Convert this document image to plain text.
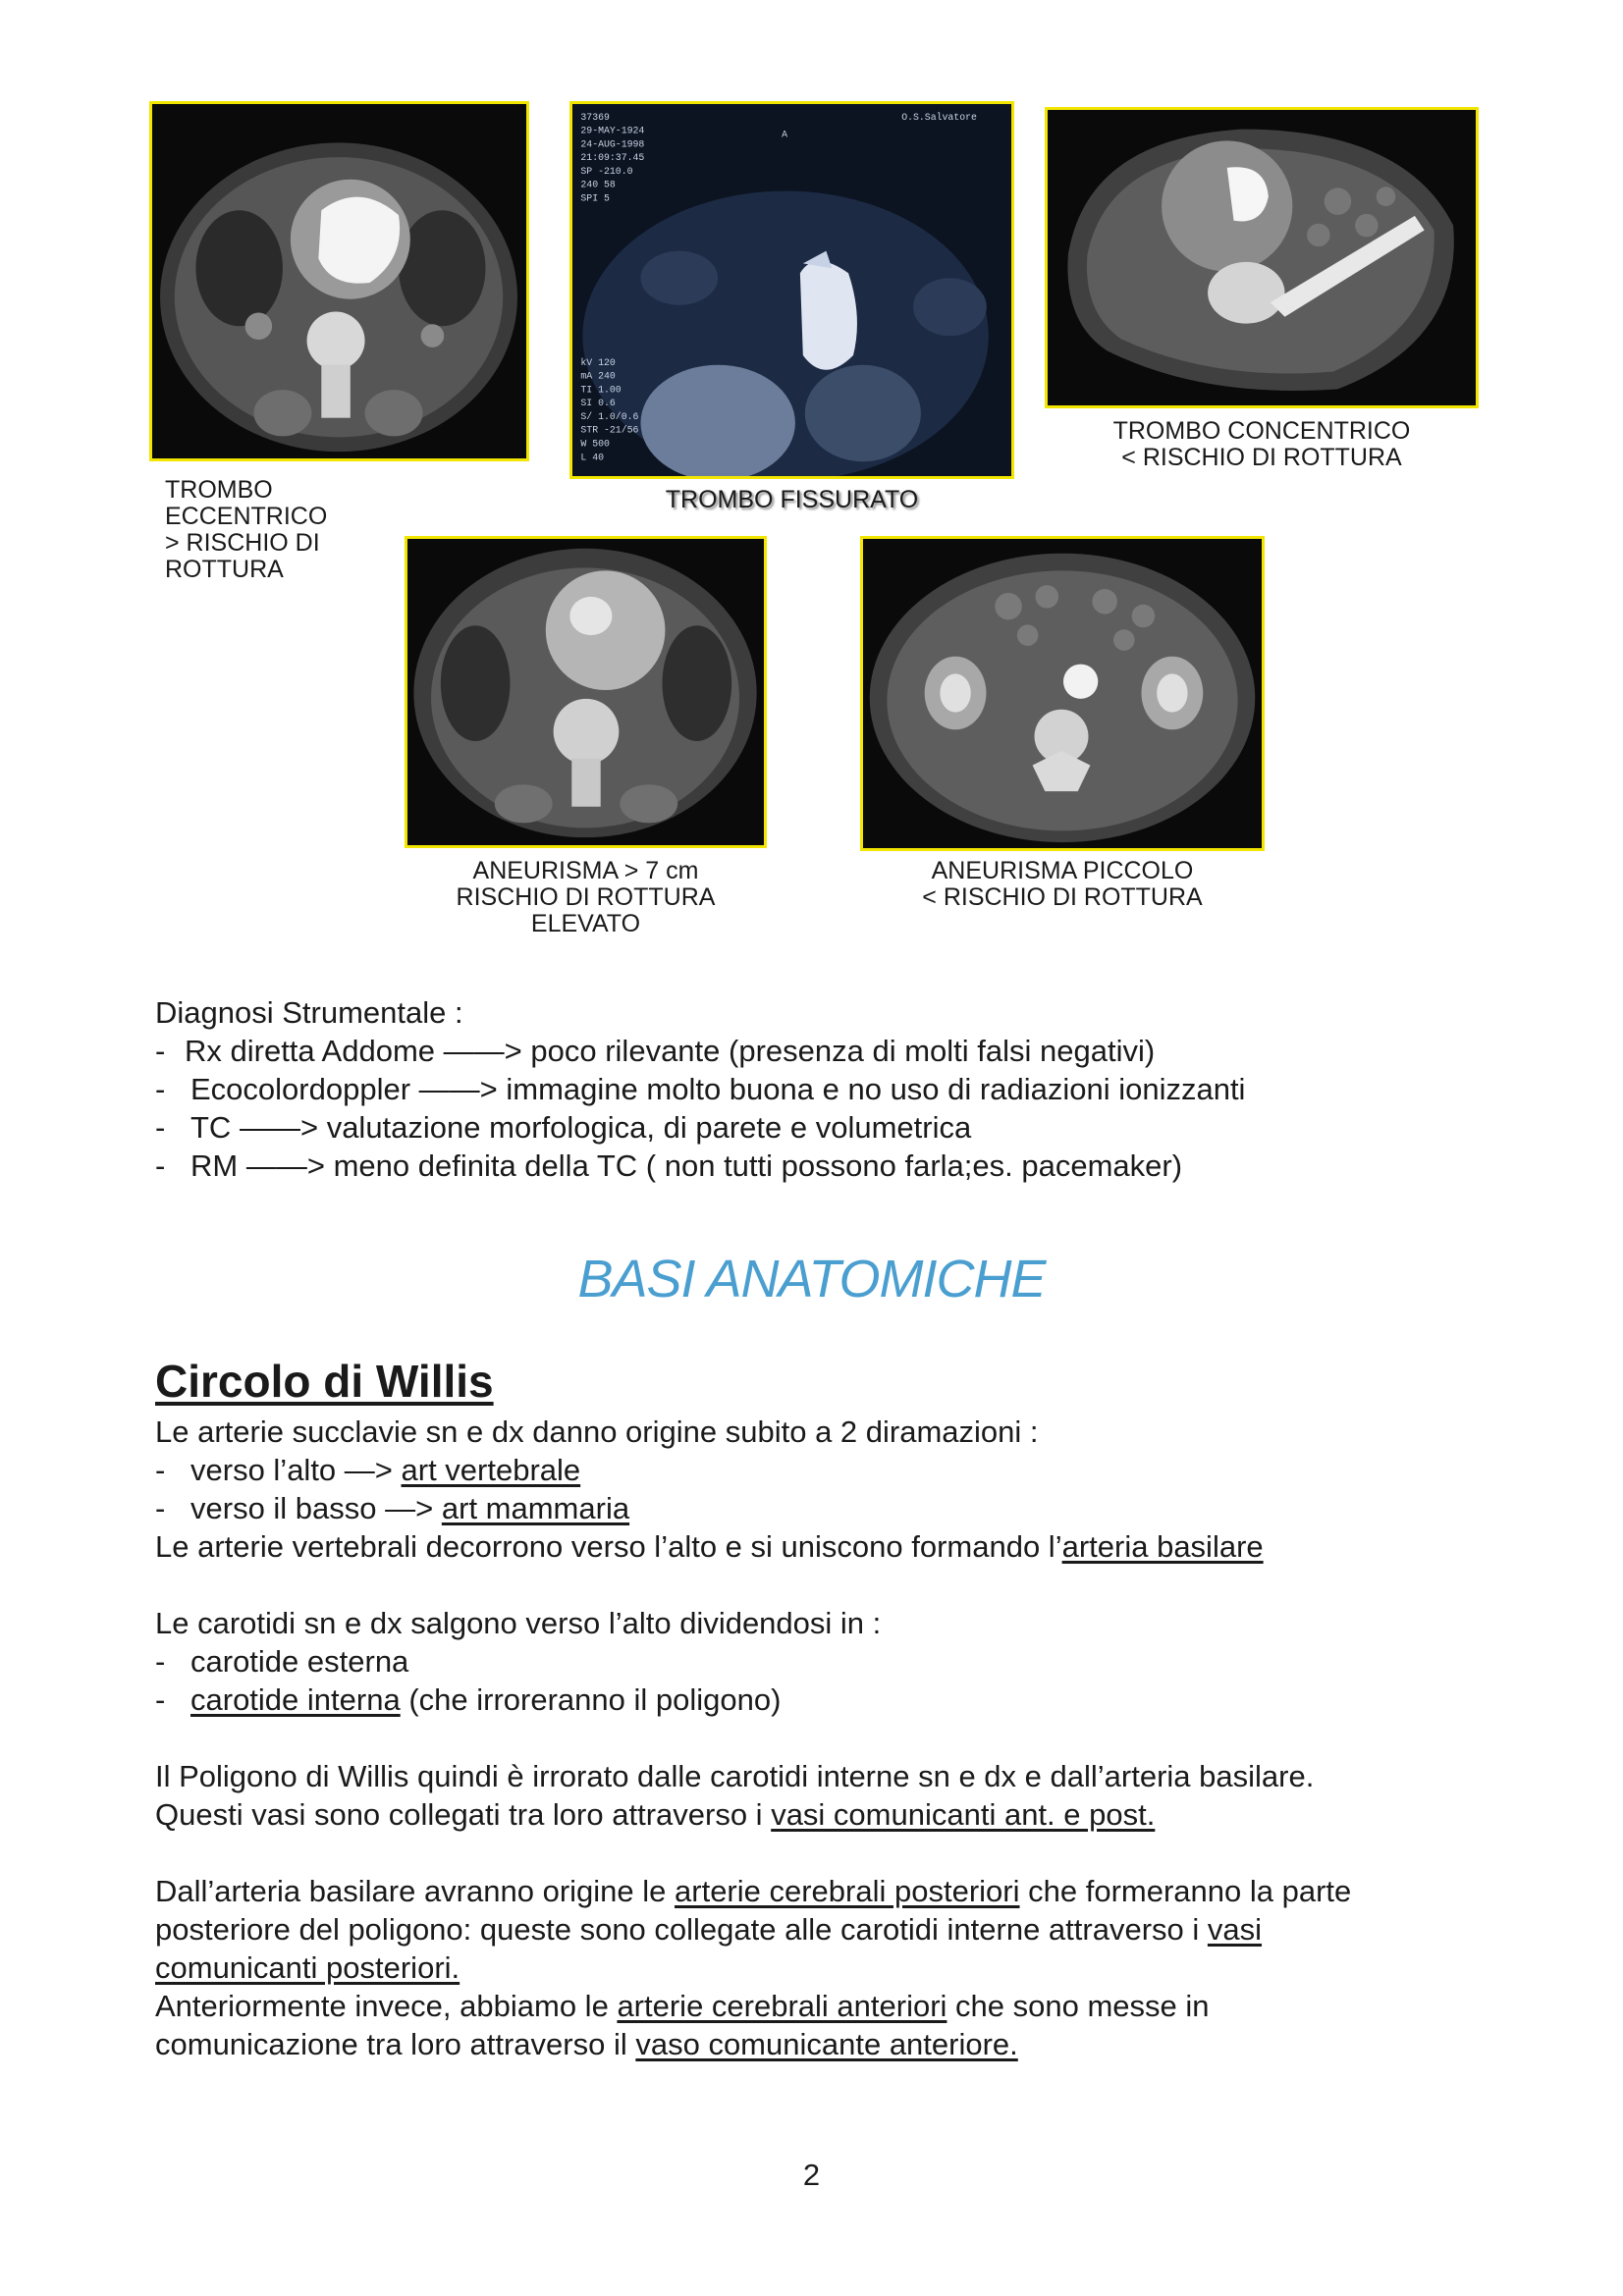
TROMBO
ECCENTRICO
> RISCHIO DI
ROTTURA
37369
29-MAY-1924
24-AUG-1998
21:09:37.45
SP -210.0
240 58
SPI 5
O.S.Salvatore
A
kV 120
mA 240
TI 1.00
SI 0.6
S/ 1.0/0.6
STR -21/56
W 500
L 40
TROMBO FISSURATO
TROMBO CONCENTRICO
< RISCHIO DI ROTTURA
ANEURISMA > 7 cm
RISCHIO DI ROTTURA
ELEVATO
ANEURISMA PICCOLO
< RISCHIO DI ROTTURA
Diagnosi Strumentale :
- Rx diretta Addome ——> poco rilevante (presenza di molti falsi negativi)
- Ecocolordoppler ——> immagine molto buona e no uso di radiazioni ionizzanti
- TC ——> valutazione morfologica, di parete e volumetrica
- RM ——> meno definita della TC ( non tutti possono farla;es. pacemaker)
BASI ANATOMICHE
Circolo di Willis
Le arterie succlavie sn e dx danno origine subito a 2 diramazioni :
- verso l’alto —> art vertebrale
- verso il basso —> art mammaria
Le arterie vertebrali decorrono verso l’alto e si uniscono formando l’arteria basilare
Le carotidi sn e dx salgono verso l’alto dividendosi in :
- carotide esterna
- carotide interna (che irroreranno il poligono)
Il Poligono di Willis quindi è irrorato dalle carotidi interne sn e dx e dall’arteria basilare.
Questi vasi sono collegati tra loro attraverso i vasi comunicanti ant. e post.
Dall’arteria basilare avranno origine le arterie cerebrali posteriori che formeranno la parte
posteriore del poligono: queste sono collegate alle carotidi interne attraverso i vasi
comunicanti posteriori.
Anteriormente invece, abbiamo le arterie cerebrali anteriori che sono messe in
comunicazione tra loro attraverso il vaso comunicante anteriore.
2
